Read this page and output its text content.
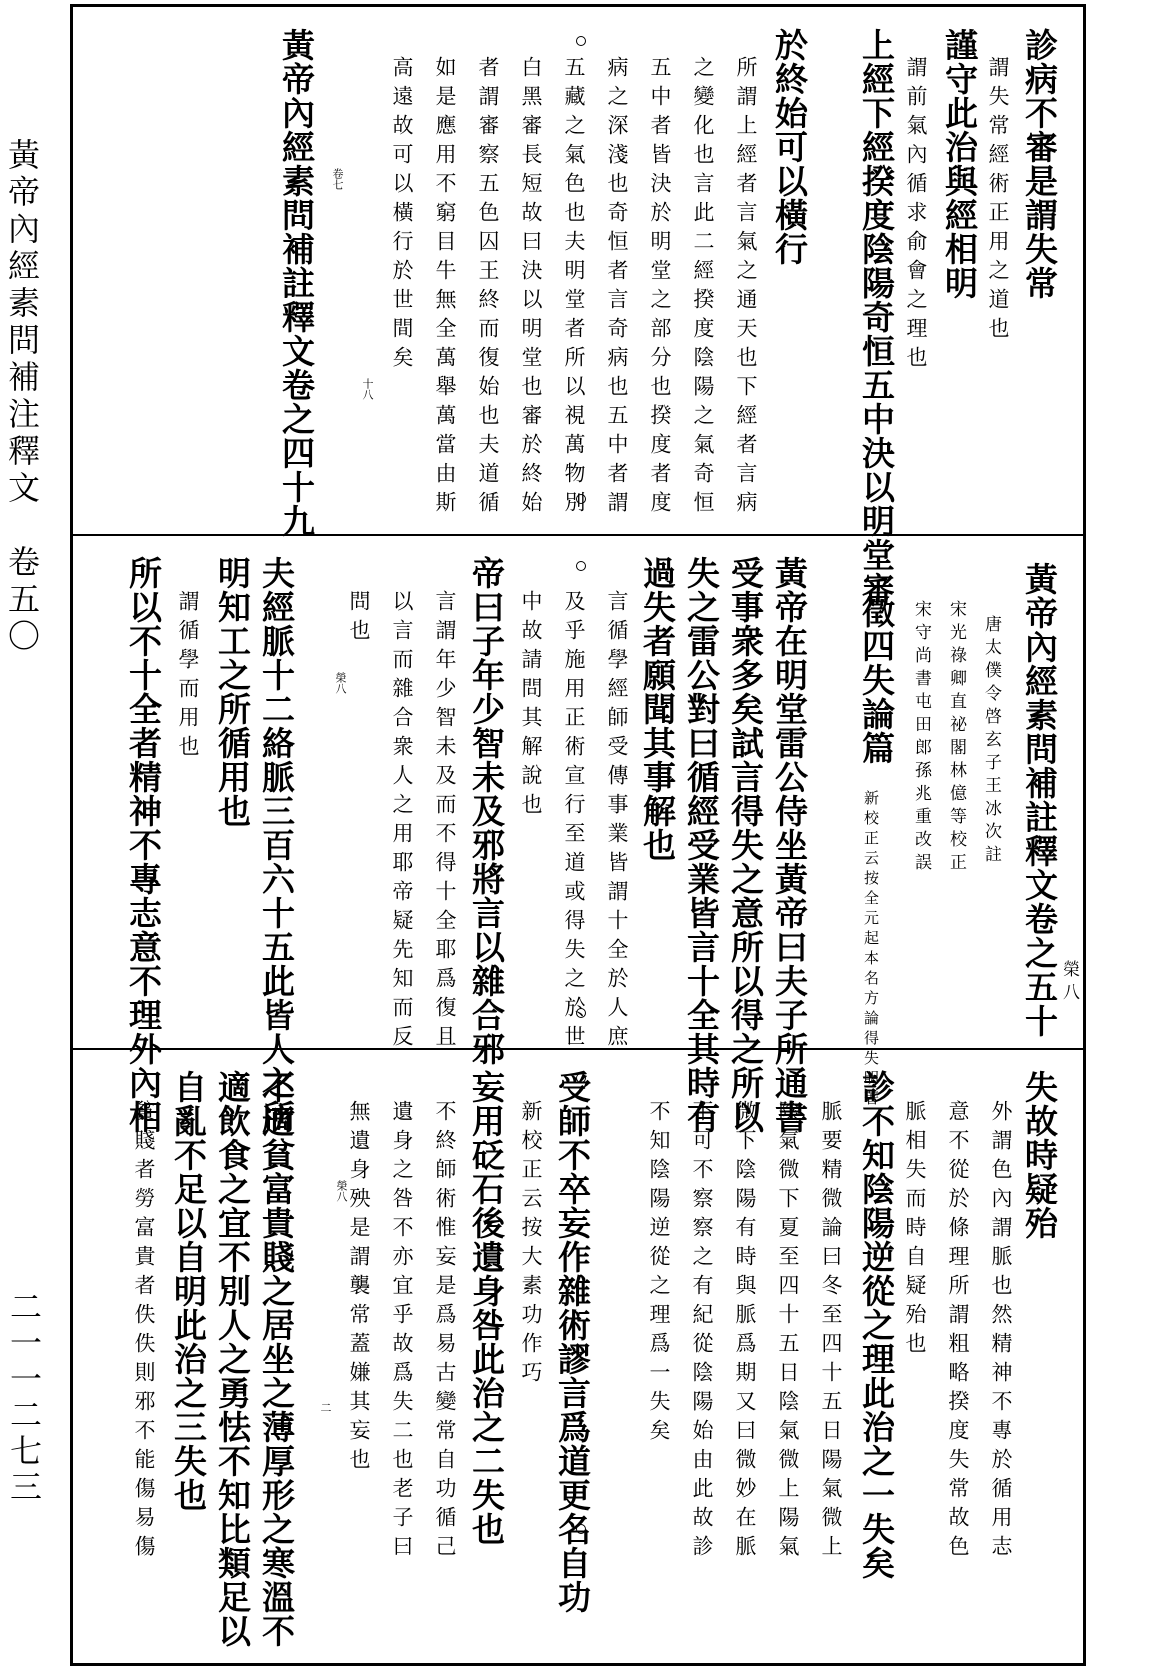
黃帝內經素問補注釋文　卷五〇
二一一二七三
診病不審是謂失常
謂失常經術正用之道也
謹守此治與經相明
謂前氣內循求俞會之理也
上經下經揆度陰陽奇恒五中決以明堂審
於終始可以橫行
所謂上經者言氣之通天也下經者言病
之變化也言此二經揆度陰陽之氣奇恒
五中者皆決於明堂之部分也揆度者度
病之深淺也奇恒者言奇病也五中者謂
五藏之氣色也夫明堂者所以視萬物別
白黑審長短故曰決以明堂也審於終始
者謂審察五色囚王終而復始也夫道循
如是應用不窮目牛無全萬舉萬當由斯
高遠故可以橫行於世間矣
黃帝內經素問補註釋文卷之四十九 卷七
十八
黃帝內經素問補註釋文卷之五十
唐太僕令啓玄子王冰次註
宋光祿卿直祕閣林億等校正
宋守尚書屯田郎孫兆重改誤
徵四失論篇
新校正云按全元起本名方論得失明著
黃帝在明堂雷公侍坐黃帝曰夫子所通書
受事衆多矣試言得失之意所以得之所以
失之雷公對曰循經受業皆言十全其時有
過失者願聞其事解也
言循學經師受傳事業皆謂十全於人庶
及乎施用正術宣行至道或得失之於世
中故請問其解說也
帝曰子年少智未及邪將言以雜合邪
言謂年少智未及而不得十全耶爲復且
以言而雜合衆人之用耶帝疑先知而反
問也
夫經脈十二絡脈三百六十五此皆人之所
明知工之所循用也
謂循學而用也
所以不十全者精神不專志意不理外內相	榮八
榮八
失故時疑殆
外謂色內謂脈也然精神不專於循用志
意不從於條理所謂粗略揆度失常故色
脈相失而時自疑殆也
診不知陰陽逆從之理此治之一失矣
脈要精微論曰冬至四十五日陽氣微上
陰氣微下夏至四十五日陰氣微上陽氣
微下陰陽有時與脈爲期又曰微妙在脈
不可不察察之有紀從陰陽始由此故診
不知陰陽逆從之理爲一失矣
受師不卒妄作雜術謬言爲道更名自功
新校正云按大素功作巧
妄用砭石後遺身咎此治之二失也
不終師術惟妄是爲易古變常自功循己
遺身之咎不亦宜乎故爲失二也老子曰
無遺身殃是謂襲常蓋嫌其妄也
不適貧富貴賤之居坐之薄厚形之寒溫不
適飲食之宜不別人之勇怯不知比類足以
自亂不足以自明此治之三失也
貧賤者勞富貴者佚佚則邪不能傷易傷	榮八
二
